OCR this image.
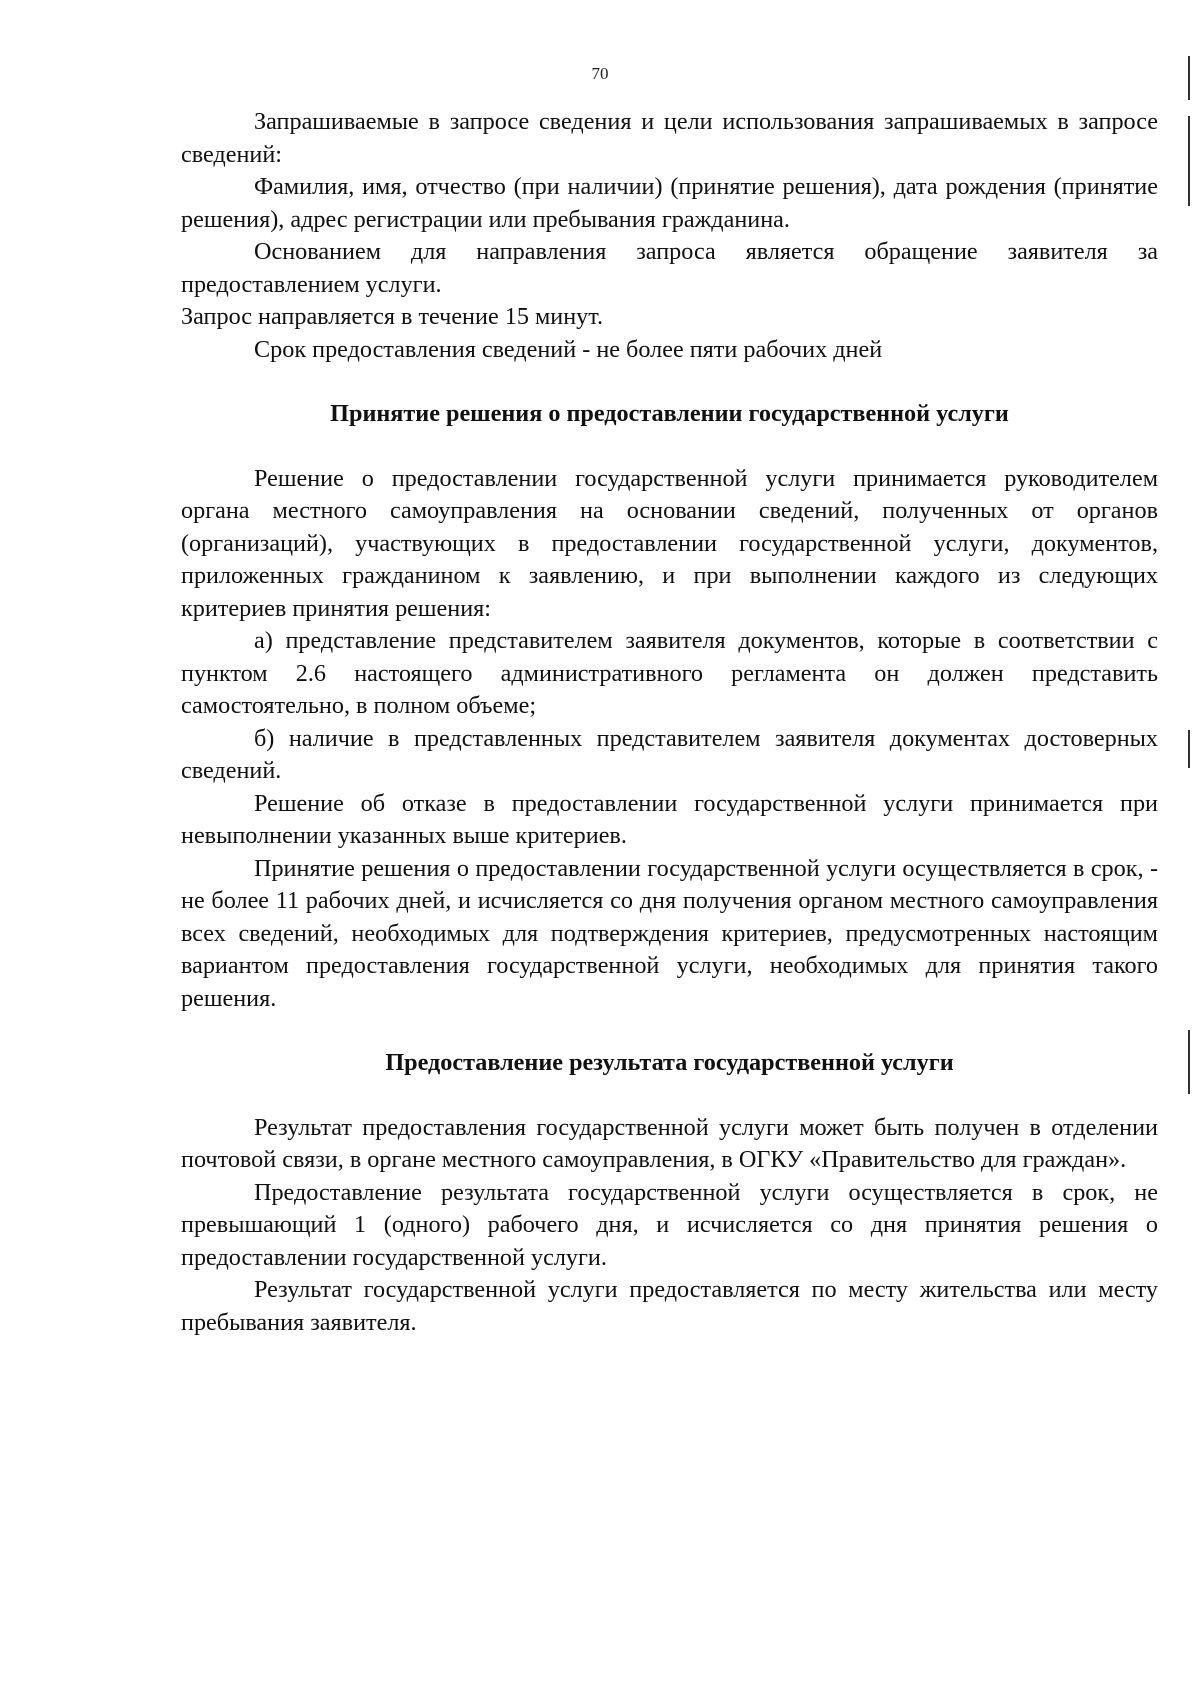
70

Запрашиваемые в запросе сведения и цели использования запрашиваемых в запросе сведений:

Фамилия, имя, отчество (при наличии) (принятие решения), дата рождения (принятие решения), адрес регистрации или пребывания гражданина.

Основанием для направления запроса является обращение заявителя за предоставлением услуги.

Запрос направляется в течение 15 минут.

Срок предоставления сведений - не более пяти рабочих дней

Принятие решения о предоставлении государственной услуги

Решение о предоставлении государственной услуги принимается руководителем органа местного самоуправления на основании сведений, полученных от органов (организаций), участвующих в предоставлении государственной услуги, документов, приложенных гражданином к заявлению, и при выполнении каждого из следующих критериев принятия решения:

а) представление представителем заявителя документов, которые в соответствии с пунктом 2.6 настоящего административного регламента он должен представить самостоятельно, в полном объеме;

б) наличие в представленных представителем заявителя документах достоверных сведений.

Решение об отказе в предоставлении государственной услуги принимается при невыполнении указанных выше критериев.

Принятие решения о предоставлении государственной услуги осуществляется в срок, - не более 11 рабочих дней, и исчисляется со дня получения органом местного самоуправления всех сведений, необходимых для подтверждения критериев, предусмотренных настоящим вариантом предоставления государственной услуги, необходимых для принятия такого решения.

Предоставление результата государственной услуги

Результат предоставления государственной услуги может быть получен в отделении почтовой связи, в органе местного самоуправления, в ОГКУ «Правительство для граждан».

Предоставление результата государственной услуги осуществляется в срок, не превышающий 1 (одного) рабочего дня, и исчисляется со дня принятия решения о предоставлении государственной услуги.

Результат государственной услуги предоставляется по месту жительства или месту пребывания заявителя.
